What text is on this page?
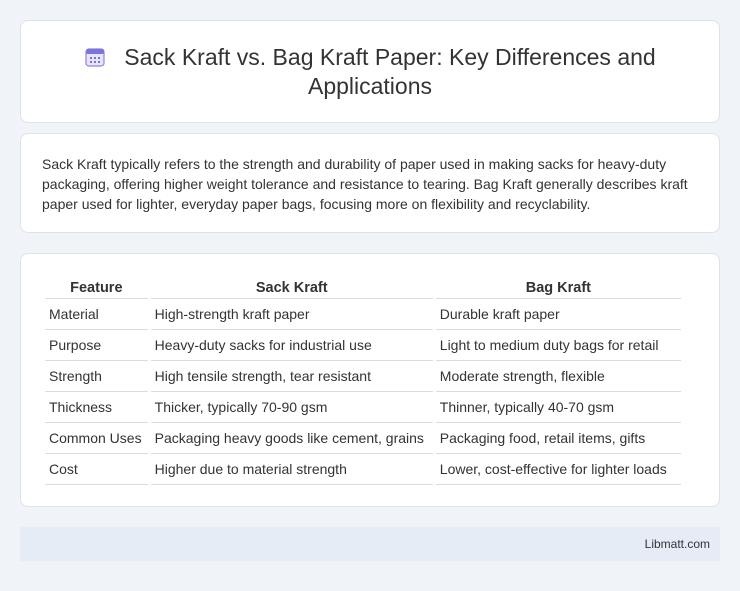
Sack Kraft vs. Bag Kraft Paper: Key Differences and Applications

Sack Kraft typically refers to the strength and durability of paper used in making sacks for heavy-duty packaging, offering higher weight tolerance and resistance to tearing. Bag Kraft generally describes kraft paper used for lighter, everyday paper bags, focusing more on flexibility and recyclability.

Feature	Sack Kraft	Bag Kraft
Material	High-strength kraft paper	Durable kraft paper
Purpose	Heavy-duty sacks for industrial use	Light to medium duty bags for retail
Strength	High tensile strength, tear resistant	Moderate strength, flexible
Thickness	Thicker, typically 70-90 gsm	Thinner, typically 40-70 gsm
Common Uses	Packaging heavy goods like cement, grains	Packaging food, retail items, gifts
Cost	Higher due to material strength	Lower, cost-effective for lighter loads
Libmatt.com
